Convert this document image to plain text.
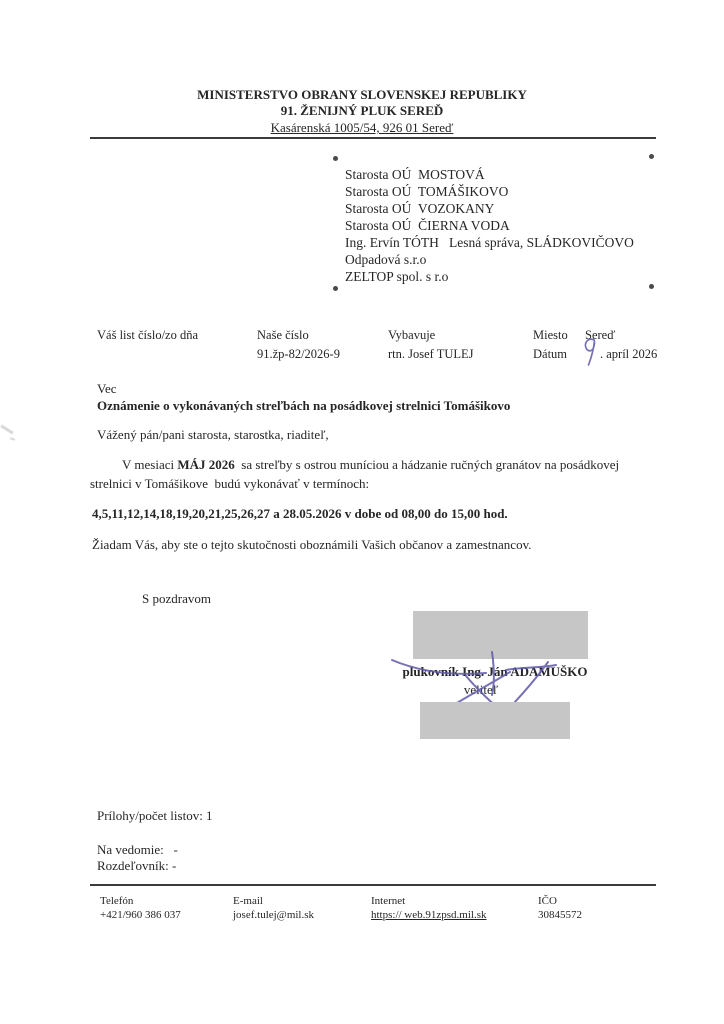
MINISTERSTVO OBRANY SLOVENSKEJ REPUBLIKY
91. ŽENIJNÝ PLUK SEREĎ
Kasárenská 1005/54, 926 01 Sereď
Starosta OÚ  MOSTOVÁ
Starosta OÚ  TOMÁŠIKOVO
Starosta OÚ  VOZOKANY
Starosta OÚ  ČIERNA VODA
Ing. Ervín TÓTH   Lesná správa, SLÁDKOVIČOVO
Odpadová s.r.o
ZELTOP spol. s r.o
Váš list číslo/zo dňa	Naše číslo
91.žp-82/2026-9
Vybavuje
rtn. Josef TULEJ
Miesto Sereď
Dátum	. apríl 2026
Vec
Oznámenie o vykonávaných streľbách na posádkovej strelnici Tomášikovo
Vážený pán/pani starosta, starostka, riaditeľ,
V mesiaci MÁJ 2026  sa streľby s ostrou muníciou a hádzanie ručných granátov na posádkovej strelnici v Tomášikove  budú vykonávať v termínoch:
4,5,11,12,14,18,19,20,21,25,26,27 a 28.05.2026 v dobe od 08,00 do 15,00 hod.
Žiadam Vás, aby ste o tejto skutočnosti oboznámili Vašich občanov a zamestnancov.
S pozdravom
plukovník Ing. Ján ADAMUŠKO
veliteľ
Prílohy/počet listov: 1
Na vedomie:   -
Rozdeľovník: -
Telefón
+421/960 386 037
E-mail
josef.tulej@mil.sk
Internet
https:// web.91zpsd.mil.sk
IČO
30845572
